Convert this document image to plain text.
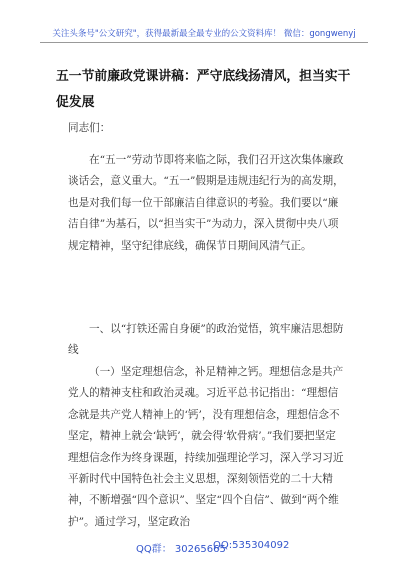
关注头条号"公文研究"，获得最新最全最专业的公文资料库！ 微信：gongwenyj
五一节前廉政党课讲稿：严守底线扬清风，担当实干促发展

同志们：

在“五一”劳动节即将来临之际，我们召开这次集体廉政谈话会，意义重大。“五一”假期是违规违纪行为的高发期，也是对我们每一位干部廉洁自律意识的考验。我们要以“廉洁自律”为基石，以“担当实干”为动力，深入贯彻中央八项规定精神，坚守纪律底线，确保节日期间风清气正。

一、以“打铁还需自身硬”的政治觉悟，筑牢廉洁思想防线

（一）坚定理想信念，补足精神之钙。理想信念是共产党人的精神支柱和政治灵魂。习近平总书记指出：“理想信念就是共产党人精神上的‘钙’，没有理想信念，理想信念不坚定，精神上就会‘缺钙’，就会得‘软骨病’。”我们要把坚定理想信念作为终身课题，持续加强理论学习，深入学习习近平新时代中国特色社会主义思想，深刻领悟党的二十大精神，不断增强“四个意识”、坚定“四个自信”、做到“两个维护”。通过学习，坚定政治

QQ群： 30265665
QQ:535304092
